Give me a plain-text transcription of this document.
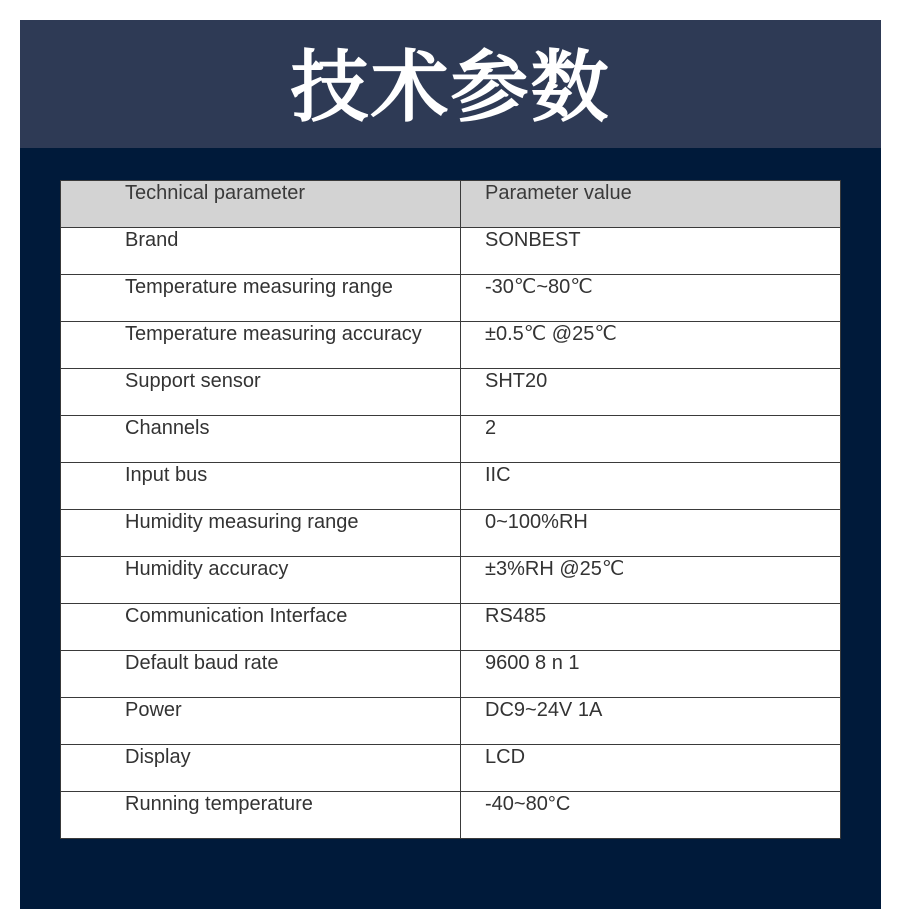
技术参数
Technical parameter	Parameter value
Brand	SONBEST
Temperature measuring range	-30℃~80℃
Temperature measuring accuracy	±0.5℃ @25℃
Support sensor	SHT20
Channels	2
Input bus	IIC
Humidity measuring range	0~100%RH
Humidity accuracy	±3%RH @25℃
Communication Interface	RS485
Default baud rate	9600 8 n 1
Power	DC9~24V 1A
Display	LCD
Running temperature	-40~80°C
